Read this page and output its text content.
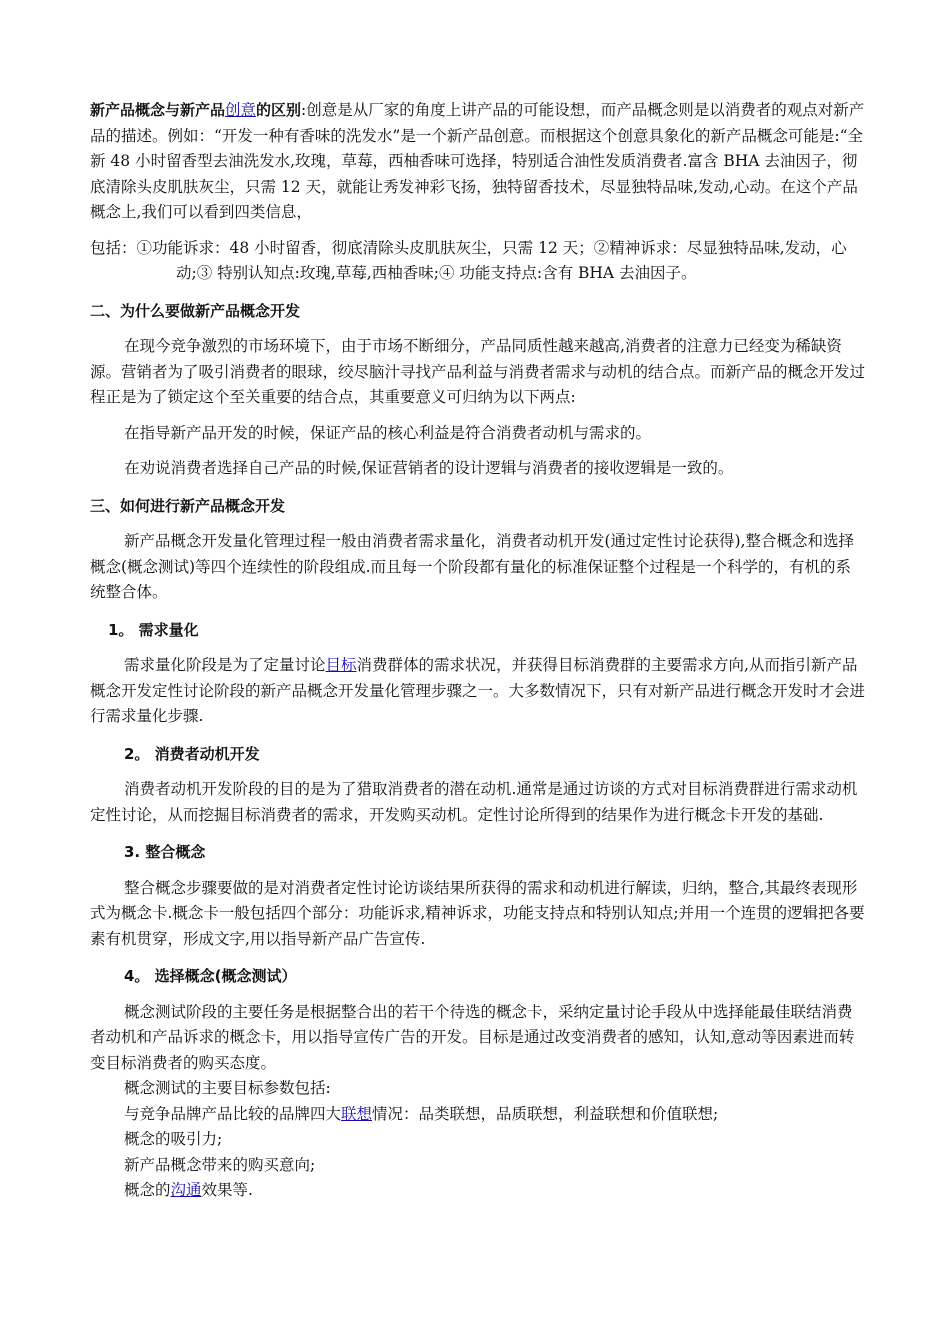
新产品概念与新产品创意的区别:创意是从厂家的角度上讲产品的可能设想，而产品概念则是以消费者的观点对新产品的描述。例如：“开发一种有香味的洗发水”是一个新产品创意。而根据这个创意具象化的新产品概念可能是:“全新 48 小时留香型去油洗发水,玫瑰，草莓，西柚香味可选择，特别适合油性发质消费者.富含 BHA 去油因子，彻底清除头皮肌肤灰尘，只需 12 天，就能让秀发神彩飞扬，独特留香技术，尽显独特品味,发动,心动。在这个产品概念上,我们可以看到四类信息，

包括：①功能诉求：48 小时留香，彻底清除头皮肌肤灰尘，只需 12 天；②精神诉求：尽显独特品味,发动，心动;③ 特别认知点:玫瑰,草莓,西柚香味;④ 功能支持点:含有 BHA 去油因子。

二、为什么要做新产品概念开发

在现今竞争激烈的市场环境下，由于市场不断细分，产品同质性越来越高,消费者的注意力已经变为稀缺资源。营销者为了吸引消费者的眼球，绞尽脑汁寻找产品利益与消费者需求与动机的结合点。而新产品的概念开发过程正是为了锁定这个至关重要的结合点，其重要意义可归纳为以下两点:

在指导新产品开发的时候，保证产品的核心利益是符合消费者动机与需求的。

在劝说消费者选择自己产品的时候,保证营销者的设计逻辑与消费者的接收逻辑是一致的。

三、如何进行新产品概念开发

新产品概念开发量化管理过程一般由消费者需求量化，消费者动机开发(通过定性讨论获得),整合概念和选择概念(概念测试)等四个连续性的阶段组成.而且每一个阶段都有量化的标准保证整个过程是一个科学的，有机的系统整合体。

1。 需求量化

需求量化阶段是为了定量讨论目标消费群体的需求状况，并获得目标消费群的主要需求方向,从而指引新产品概念开发定性讨论阶段的新产品概念开发量化管理步骤之一。大多数情况下，只有对新产品进行概念开发时才会进行需求量化步骤.

2。 消费者动机开发

消费者动机开发阶段的目的是为了猎取消费者的潜在动机.通常是通过访谈的方式对目标消费群进行需求动机定性讨论，从而挖掘目标消费者的需求，开发购买动机。定性讨论所得到的结果作为进行概念卡开发的基础.

3. 整合概念

整合概念步骤要做的是对消费者定性讨论访谈结果所获得的需求和动机进行解读，归纳，整合,其最终表现形式为概念卡.概念卡一般包括四个部分：功能诉求,精神诉求，功能支持点和特别认知点;并用一个连贯的逻辑把各要素有机贯穿，形成文字,用以指导新产品广告宣传.

4。 选择概念(概念测试）

概念测试阶段的主要任务是根据整合出的若干个待选的概念卡，采纳定量讨论手段从中选择能最佳联结消费者动机和产品诉求的概念卡，用以指导宣传广告的开发。目标是通过改变消费者的感知，认知,意动等因素进而转变目标消费者的购买态度。

概念测试的主要目标参数包括:

与竞争品牌产品比较的品牌四大联想情况：品类联想，品质联想，利益联想和价值联想;

概念的吸引力;

新产品概念带来的购买意向;

概念的沟通效果等.
